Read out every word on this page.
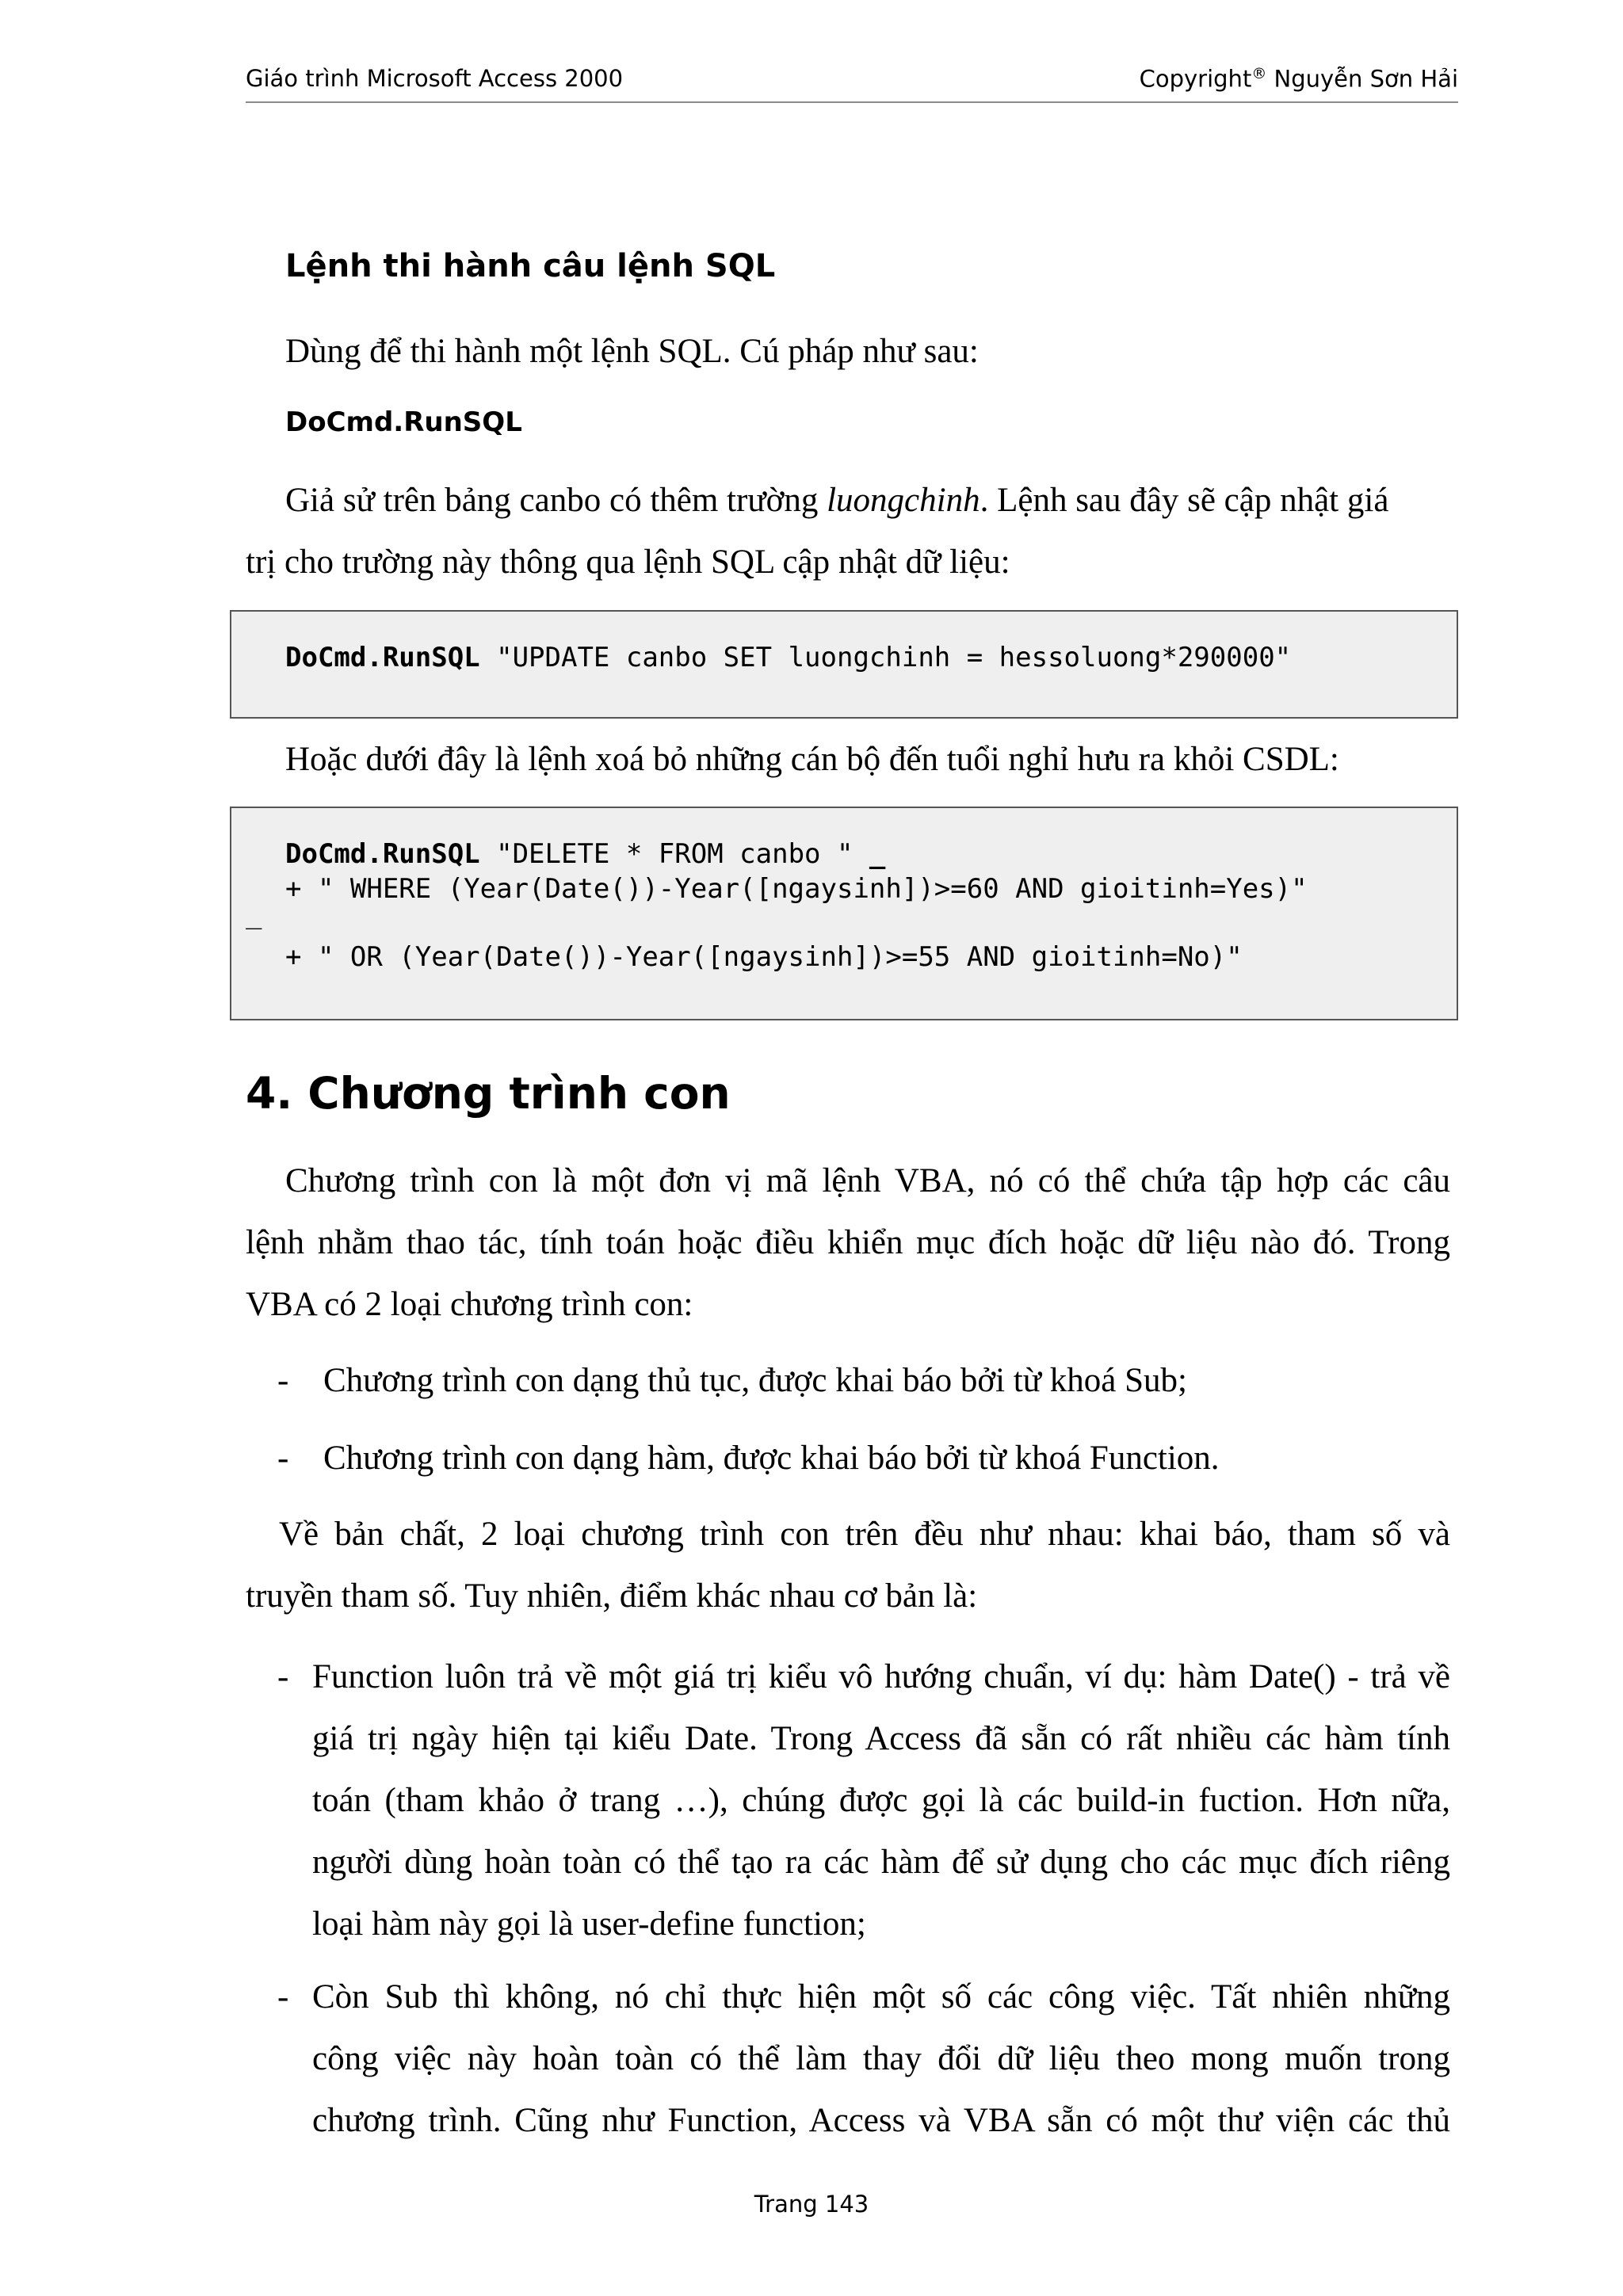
Giáo trình Microsoft Access 2000	Copyright® Nguyễn Sơn Hải
Lệnh thi hành câu lệnh SQL
Dùng để thi hành một lệnh SQL. Cú pháp như sau:
DoCmd.RunSQL
Giả sử trên bảng canbo có thêm trường luongchinh. Lệnh sau đây sẽ cập nhật giá
trị cho trường này thông qua lệnh SQL cập nhật dữ liệu:
DoCmd.RunSQL "UPDATE canbo SET luongchinh = hessoluong*290000"
Hoặc dưới đây là lệnh xoá bỏ những cán bộ đến tuổi nghỉ hưu ra khỏi CSDL:
DoCmd.RunSQL "DELETE * FROM canbo " _
+ " WHERE (Year(Date())-Year([ngaysinh])>=60 AND gioitinh=Yes)"
_
+ " OR (Year(Date())-Year([ngaysinh])>=55 AND gioitinh=No)"
4. Chương trình con
Chương trình con là một đơn vị mã lệnh VBA, nó có thể chứa tập hợp các câu
lệnh nhằm thao tác, tính toán hoặc điều khiển mục đích hoặc dữ liệu nào đó. Trong
VBA có 2 loại chương trình con:
- Chương trình con dạng thủ tục, được khai báo bởi từ khoá Sub;
- Chương trình con dạng hàm, được khai báo bởi từ khoá Function.
Về bản chất, 2 loại chương trình con trên đều như nhau: khai báo, tham số và
truyền tham số. Tuy nhiên, điểm khác nhau cơ bản là:
- Function luôn trả về một giá trị kiểu vô hướng chuẩn, ví dụ: hàm Date() - trả về
giá trị ngày hiện tại kiểu Date. Trong Access đã sẵn có rất nhiều các hàm tính
toán (tham khảo ở trang …), chúng được gọi là các build-in fuction. Hơn nữa,
người dùng hoàn toàn có thể tạo ra các hàm để sử dụng cho các mục đích riêng
loại hàm này gọi là user-define function;
- Còn Sub thì không, nó chỉ thực hiện một số các công việc. Tất nhiên những
công việc này hoàn toàn có thể làm thay đổi dữ liệu theo mong muốn trong
chương trình. Cũng như Function, Access và VBA sẵn có một thư viện các thủ
Trang 143
